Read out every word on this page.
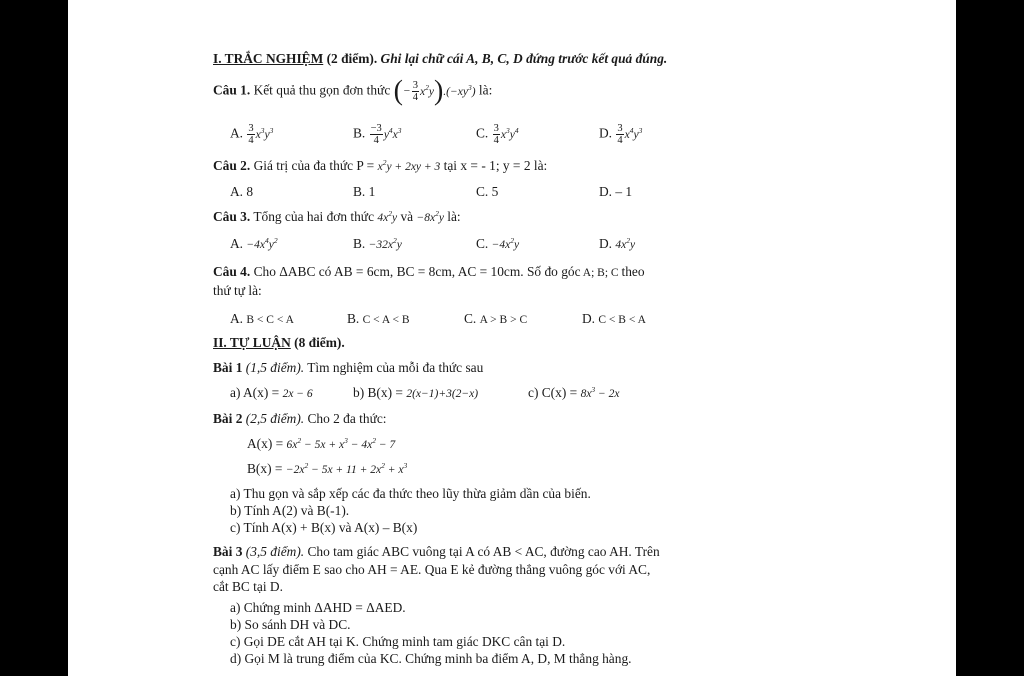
I. TRẮC NGHIỆM (2 điểm). Ghi lại chữ cái A, B, C, D đứng trước kết quả đúng.
Câu 1. Kết quả thu gọn đơn thức (− $\frac{3}{4} x^2y).(-xy^3)$ là:
A. $\frac{3}{4} x^3y^3$	B. $\frac{-3}{4} y^4x^3$	C. $\frac{3}{4} x^3y^4$	D. $\frac{3}{4} x^4y^3$
Câu 2. Giá trị của đa thức $P = x^2y + 2xy + 3$ tại x = - 1; y = 2 là:
A. 8	B. 1	C. 5	D. – 1
Câu 3. Tổng của hai đơn thức $4x^2y$ và $-8x^2y$ là:
A. $-4x^4y^2$	B. $-32x^2y$	C. $-4x^2y$	D. $4x^2y$
Câu 4. Cho ΔABC có AB = 6cm, BC = 8cm, AC = 10cm. Số đo góc A; B; C theo
thứ tự là:
A. B < C < A	B. C < A < B	C. A > B > C	D. C < B < A
II. TỰ LUẬN (8 điểm).
Bài 1 (1,5 điểm). Tìm nghiệm của mỗi đa thức sau
a) A(x) = 2x − 6	b) B(x) = 2(x−1)+3(2−x)	c) $C(x) = 8x^3 - 2x$
Bài 2 (2,5 điểm). Cho 2 đa thức:
$A(x) = 6x^2 - 5x + x^3 - 4x^2 - 7$
$B(x) = -2x^2 - 5x + 11 + 2x^2 + x^3$
a) Thu gọn và sắp xếp các đa thức theo lũy thừa giảm dần của biến.
b) Tính A(2) và B(-1).
c) Tính A(x) + B(x) và A(x) – B(x)
Bài 3 (3,5 điểm). Cho tam giác ABC vuông tại A có AB < AC, đường cao AH. Trên
cạnh AC lấy điểm E sao cho AH = AE. Qua E kẻ đường thẳng vuông góc với AC,
cắt BC tại D.
a) Chứng minh ΔAHD = ΔAED.
b) So sánh DH và DC.
c) Gọi DE cắt AH tại K. Chứng minh tam giác DKC cân tại D.
d) Gọi M là trung điểm của KC. Chứng minh ba điểm A, D, M thẳng hàng.
